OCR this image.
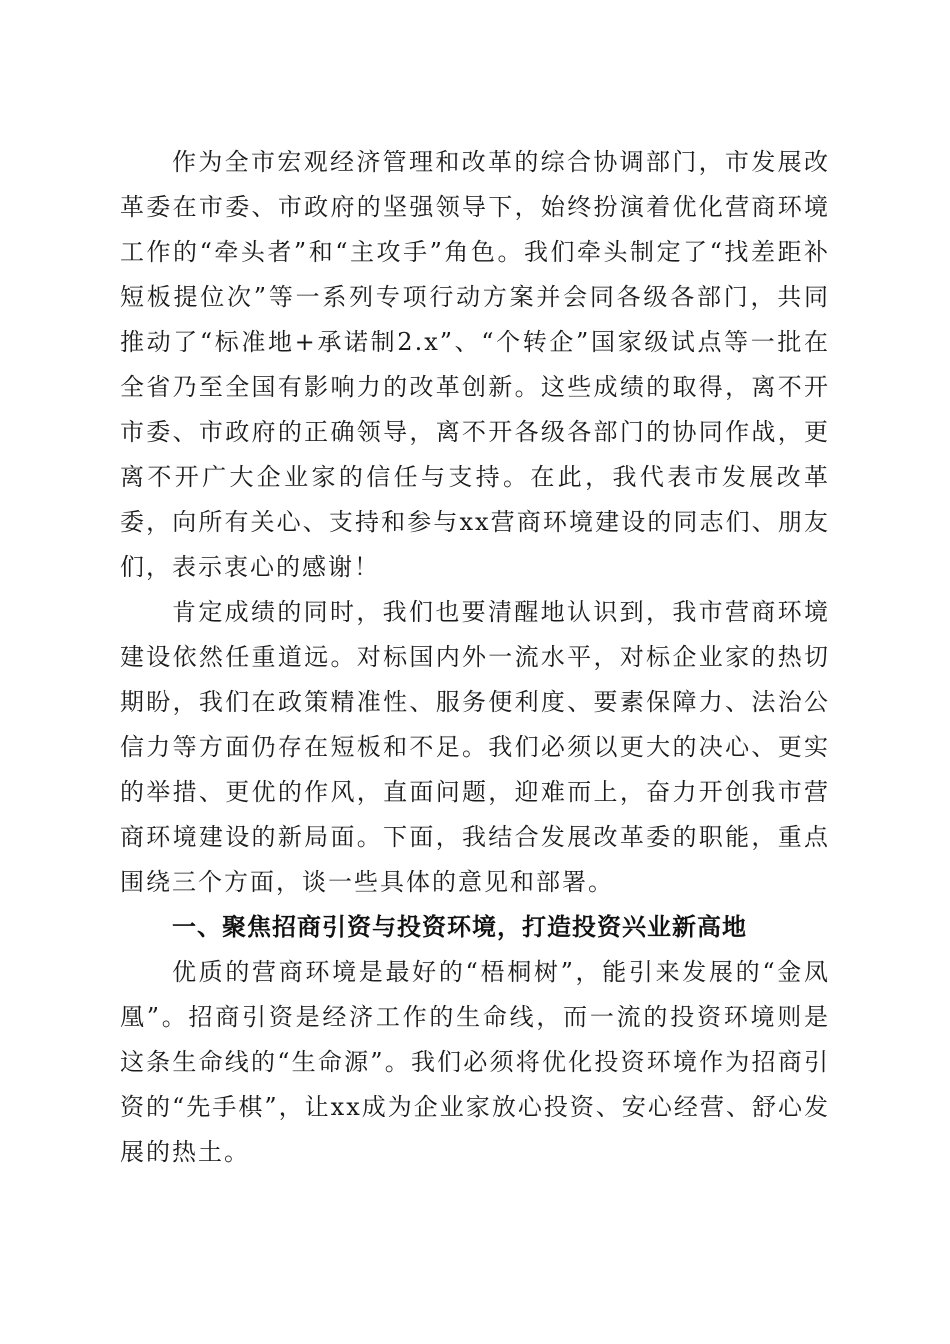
作为全市宏观经济管理和改革的综合协调部门，市发展改革委在市委、市政府的坚强领导下，始终扮演着优化营商环境工作的“牵头者”和“主攻手”角色。我们牵头制定了“找差距补短板提位次”等一系列专项行动方案并会同各级各部门，共同推动了“标准地+承诺制2.x”、“个转企”国家级试点等一批在全省乃至全国有影响力的改革创新。这些成绩的取得，离不开市委、市政府的正确领导，离不开各级各部门的协同作战，更离不开广大企业家的信任与支持。在此，我代表市发展改革委，向所有关心、支持和参与xx营商环境建设的同志们、朋友们，表示衷心的感谢！

肯定成绩的同时，我们也要清醒地认识到，我市营商环境建设依然任重道远。对标国内外一流水平，对标企业家的热切期盼，我们在政策精准性、服务便利度、要素保障力、法治公信力等方面仍存在短板和不足。我们必须以更大的决心、更实的举措、更优的作风，直面问题，迎难而上，奋力开创我市营商环境建设的新局面。下面，我结合发展改革委的职能，重点围绕三个方面，谈一些具体的意见和部署。

一、聚焦招商引资与投资环境，打造投资兴业新高地

优质的营商环境是最好的“梧桐树”，能引来发展的“金凤凰”。招商引资是经济工作的生命线，而一流的投资环境则是这条生命线的“生命源”。我们必须将优化投资环境作为招商引资的“先手棋”，让xx成为企业家放心投资、安心经营、舒心发展的热土。
